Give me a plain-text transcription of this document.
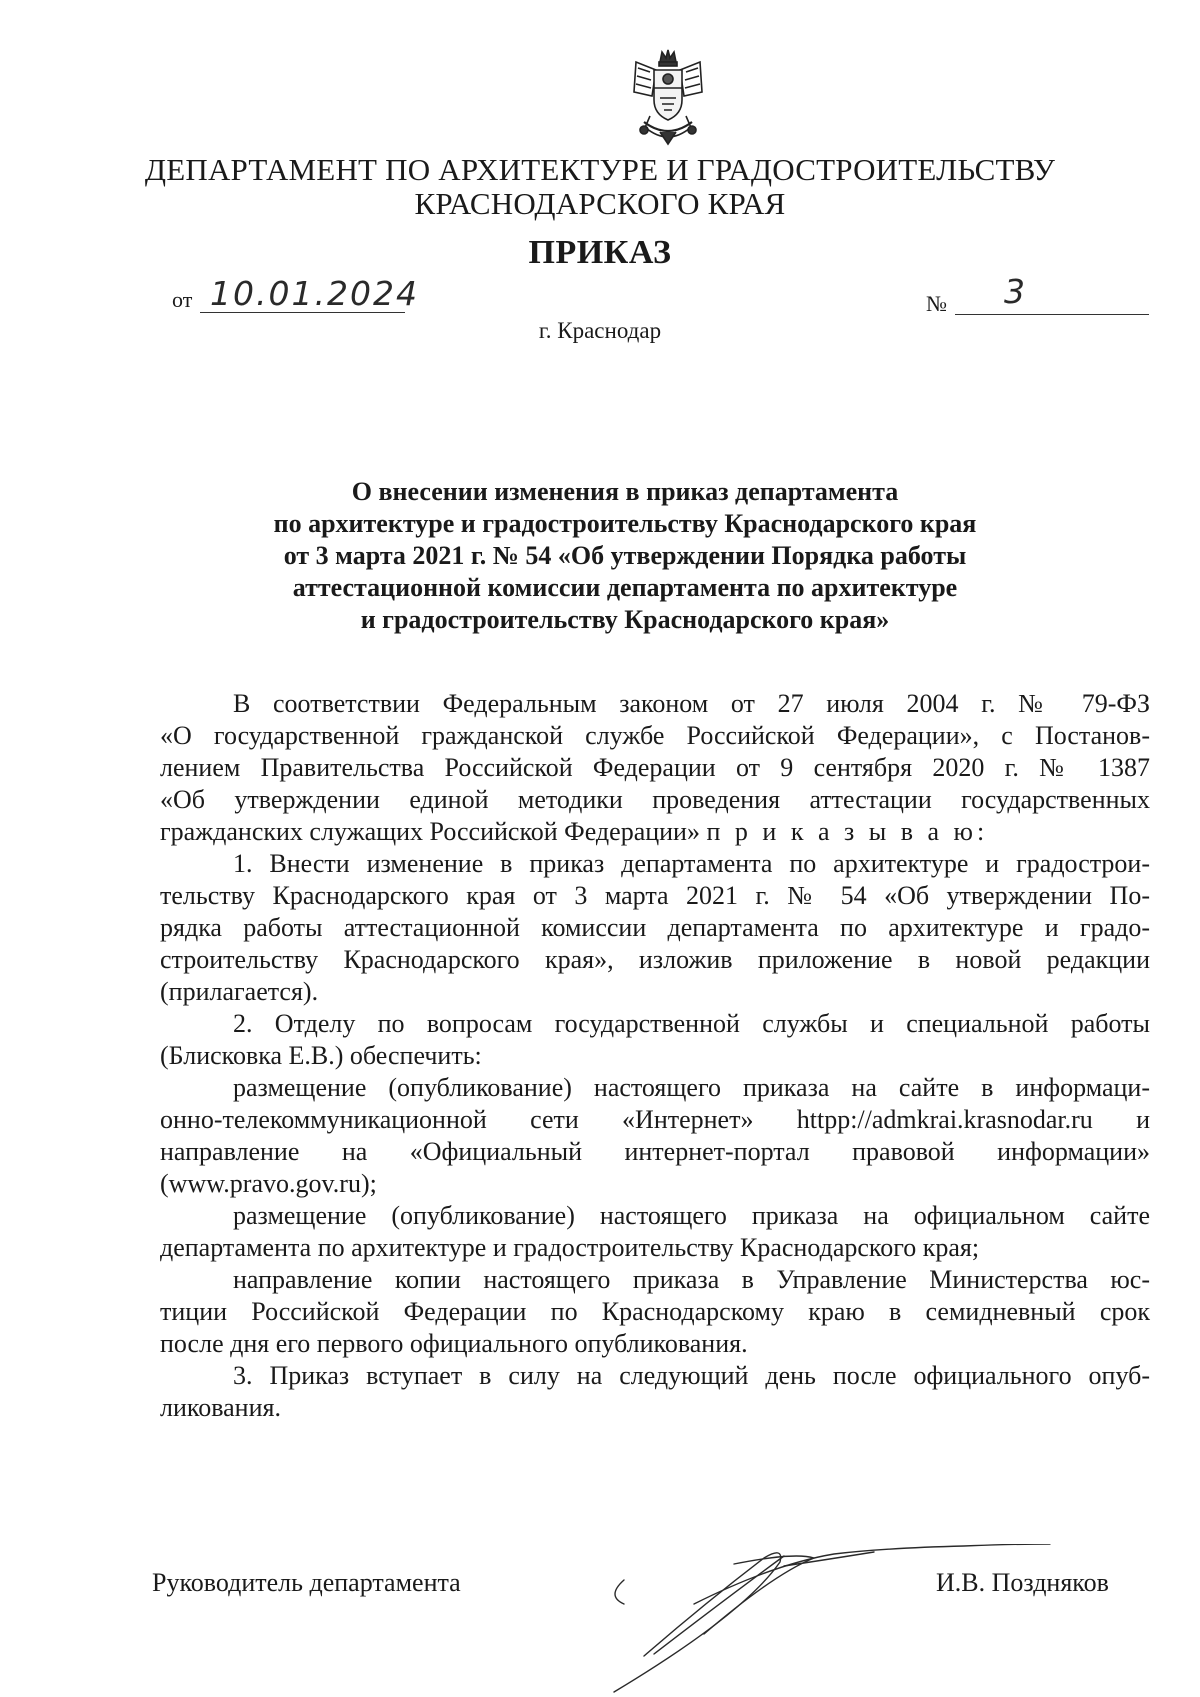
ДЕПАРТАМЕНТ ПО АРХИТЕКТУРЕ И ГРАДОСТРОИТЕЛЬСТВУ
КРАСНОДАРСКОГО КРАЯ
ПРИКАЗ
от 10.01.2024	№ 3
г. Краснодар
О внесении изменения в приказ департамента
по архитектуре и градостроительству Краснодарского края
от 3 марта 2021 г. № 54 «Об утверждении Порядка работы
аттестационной комиссии департамента по архитектуре
и градостроительству Краснодарского края»
В соответствии Федеральным законом от 27 июля 2004 г. № 79-ФЗ
«О государственной гражданской службе Российской Федерации», с Постанов-
лением Правительства Российской Федерации от 9 сентября 2020 г. № 1387
«Об утверждении единой методики проведения аттестации государственных
гражданских служащих Российской Федерации» п р и к а з ы в а ю:
1. Внести изменение в приказ департамента по архитектуре и градострои-
тельству Краснодарского края от 3 марта 2021 г. № 54 «Об утверждении По-
рядка работы аттестационной комиссии департамента по архитектуре и градо-
строительству Краснодарского края», изложив приложение в новой редакции
(прилагается).
2. Отделу по вопросам государственной службы и специальной работы
(Блисковка Е.В.) обеспечить:
размещение (опубликование) настоящего приказа на сайте в информаци-
онно-телекоммуникационной сети «Интернет» httpp://admkrai.krasnodar.ru и
направление на «Официальный интернет-портал правовой информации»
(www.pravo.gov.ru);
размещение (опубликование) настоящего приказа на официальном сайте
департамента по архитектуре и градостроительству Краснодарского края;
направление копии настоящего приказа в Управление Министерства юс-
тиции Российской Федерации по Краснодарскому краю в семидневный срок
после дня его первого официального опубликования.
3. Приказ вступает в силу на следующий день после официального опуб-
ликования.
Руководитель департамента	И.В. Поздняков
